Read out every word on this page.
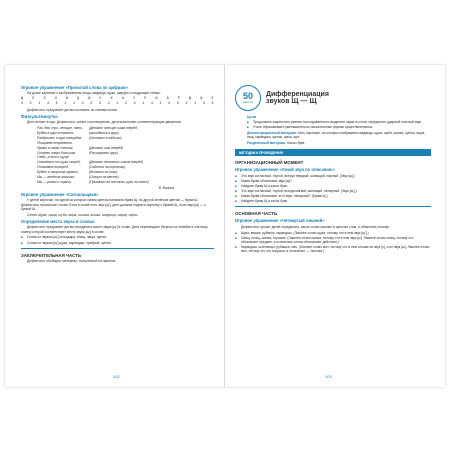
Игровое упражнение «Прочитай слова по цифрам»
На доске картинки с изображением леща, медведя, щуки, шарфа и следующие схемы:
Щ	Е	Л	Н	И	Ц	Ш	У	К	А	У	Р	Ш	А	Р	Щ	Ш	Е
3 2 1 4 5 1 1 4 2 3 4 1 2 3 1 4 2 3 5 2 1 3 4
Дефектолог предлагает детям составить по схемам слова.
Физкультминутка
Дети встают в круг. Дефектолог читает стихотворение, дети выполняют соответствующие движения.
Раз, два, три, четыре, пять,	(Делают четыре шага вперёд,
Будем в круг вставать.	расходятся в круг).
Разбрелись в круг площадке,	(Хлопают в ладоши).
Поиграем непременно.
Прямо в озеро спешим,	(Делают шаг вперёд)
Станет озеро большим.	(Расширяют круг).
Глядь, а вот и щука!
Спасаемся от щуки скорей,	(Делают несколько шагов вперёд)
Уплываем поскорей.	(Садятся на корточки).
Будет в лягушках играть,	(Встают на ноги)
Мы — весёлые лягушки,	(Скачут на месте).
Мы — резвы и горячи.	(Прыгают на носочках, руки на поясе)
В. Волина
Игровое упражнение «Сигнальщики»
У детей карточки, на одной из которых синим цветом написана буква Щ, на другой зелёным цветом — буква Ш. Дефектолог произносит слова. Если в слове есть звук [щ'], дети должны поднять карточку с буквой Щ, если звук [ш] — с буквой Ш.
Слова: Щука, чаща, шуба, ящик, шишка, кошка, ящерица, шарф, щека...
Определение места звука в словах
Дефектолог предлагает детям определить место звука [щ'] в слове. Дети перемещают бегунок на линейке в клеточку, номер которой соответствует месту звука [щ'] в слове.
■ Слова со звуком [щ'] площадка, плащ, чаща, щетка.
■ Слова со звуком [щ'] щука, карандаш, храбрый, щетка.
ЗАКЛЮЧИТЕЛЬНАЯ ЧАСТЬ
Дефектолог обобщает материал, полученный на занятии.
102
50
занятие
Дифференциация
звуков Щ — Щ
Цели
■ Продолжать закреплять умение последовательно выделять звуки из слов, определять ударный гласный звук.
■ Учить образовывать уменьшительно-ласкательные формы существительных.
Демонстрационный материал. Мяч, картинки, на которых изображены медведь, щука, шуба, шапка, щётка, ящик, лещ, карандаш, щенок, щека, щит.
Раздаточный материал. Кассы букв.
МЕТОДИКА ПРОВЕДЕНИЯ
ОРГАНИЗАЦИОННЫЙ МОМЕНТ
Игровое упражнение «Узнай звук по описанию»
■ Это звук согласный, глухой, всегда твердый, шипящий, парный. (Звук [ш].)
■ Какая буква обозначает звук [ш]?
■ Найдите букву Ш в кассе букв.
■ Это звук согласный, глухой, всегда мягкий, шипящий, непарный. (Звук [щ'].)
■ Какая буква обозначает этот звук, непарный? (Буква Щ.)
■ Найдите букву Щ в кассе букв.
ОСНОВНАЯ ЧАСТЬ
Игровое упражнение «Четвертый лишний»
Дефектолог просит детей определить, какое слово лишнее в цепочке слов, и объяснить почему.
■ Шука, вешка, рубанок, карандаш. (Лишнее слово щука, потому что в нем звук [щ'].)
■ Свищ, плащ, шапка, горошек. (Лишнее слово шапка, потому что в нем звук [ш]. Лишнее слово плащ, потому что обозначает предмет, а остальные слова обозначают действия.)
■ Карандаш, шлёпанцы, рубашка, мяч. (Лишнее слово мяч, потому что в нем слышится звук [ч], а не звук [ш]. Лишнее слово мяч, потому что это игрушка, а остальное — тапочки.)
103
